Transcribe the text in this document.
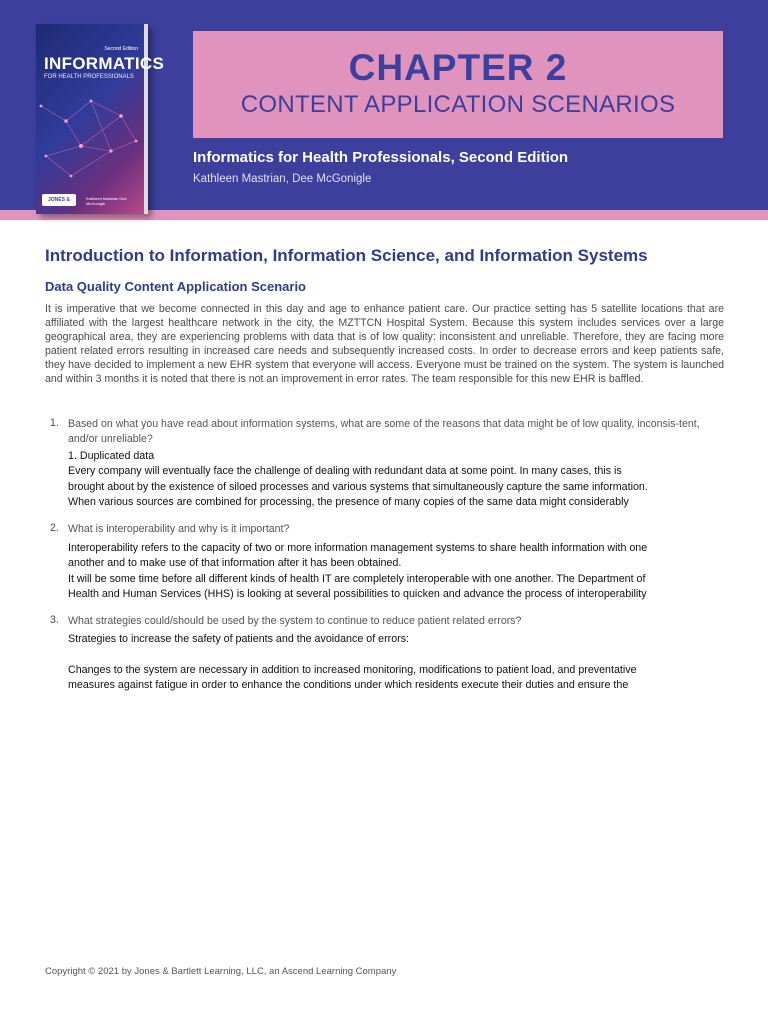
Second Edition
INFORMATICS
FOR HEALTH PROFESSIONALS
JONES & BARTLETT
Kathleen Mastrian Dee McGonigle
CHAPTER 2
CONTENT APPLICATION SCENARIOS
Informatics for Health Professionals, Second Edition
Kathleen Mastrian, Dee McGonigle
Introduction to Information, Information Science, and Information Systems
Data Quality Content Application Scenario
It is imperative that we become connected in this day and age to enhance patient care. Our practice setting has 5 satellite locations that are affiliated with the largest healthcare network in the city, the MZTTCN Hospital System. Because this system includes services over a large geographical area, they are experiencing problems with data that is of low quality: inconsistent and unreliable. Therefore, they are facing more patient related errors resulting in increased care needs and subsequently increased costs. In order to decrease errors and keep patients safe, they have decided to implement a new EHR system that everyone will access. Everyone must be trained on the system. The system is launched and within 3 months it is noted that there is not an improvement in error rates. The team responsible for this new EHR is baffled.
1. Based on what you have read about information systems, what are some of the reasons that data might be of low quality, inconsis-tent, and/or unreliable?
1. Duplicated data
Every company will eventually face the challenge of dealing with redundant data at some point. In many cases, this is
brought about by the existence of siloed processes and various systems that simultaneously capture the same information.
When various sources are combined for processing, the presence of many copies of the same data might considerably
2. What is interoperability and why is it important?
Interoperability refers to the capacity of two or more information management systems to share health information with one
another and to make use of that information after it has been obtained.
It will be some time before all different kinds of health IT are completely interoperable with one another. The Department of
Health and Human Services (HHS) is looking at several possibilities to quicken and advance the process of interoperability
3. What strategies could/should be used by the system to continue to reduce patient related errors?
Strategies to increase the safety of patients and the avoidance of errors:
Changes to the system are necessary in addition to increased monitoring, modifications to patient load, and preventative
measures against fatigue in order to enhance the conditions under which residents execute their duties and ensure the
Copyright © 2021 by Jones & Bartlett Learning, LLC, an Ascend Learning Company
